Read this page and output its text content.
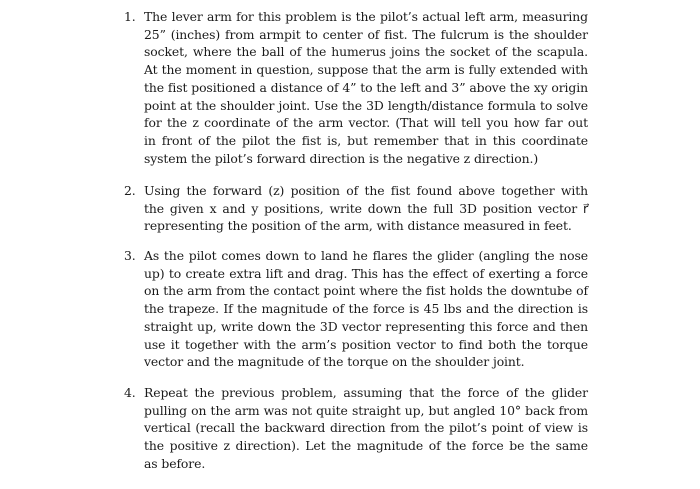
1. The lever arm for this problem is the pilot’s actual left arm, measuring
25” (inches) from armpit to center of fist. The fulcrum is the shoulder
socket, where the ball of the humerus joins the socket of the scapula.
At the moment in question, suppose that the arm is fully extended with
the fist positioned a distance of 4” to the left and 3” above the xy origin
point at the shoulder joint. Use the 3D length/distance formula to solve
for the z coordinate of the arm vector. (That will tell you how far out
in front of the pilot the fist is, but remember that in this coordinate
system the pilot’s forward direction is the negative z direction.)
2. Using the forward (z) position of the fist found above together with
the given x and y positions, write down the full 3D position vector r⃗
representing the position of the arm, with distance measured in feet.
3. As the pilot comes down to land he flares the glider (angling the nose
up) to create extra lift and drag. This has the effect of exerting a force
on the arm from the contact point where the fist holds the downtube of
the trapeze. If the magnitude of the force is 45 lbs and the direction is
straight up, write down the 3D vector representing this force and then
use it together with the arm’s position vector to find both the torque
vector and the magnitude of the torque on the shoulder joint.
4. Repeat the previous problem, assuming that the force of the glider
pulling on the arm was not quite straight up, but angled 10° back from
vertical (recall the backward direction from the pilot’s point of view is
the positive z direction). Let the magnitude of the force be the same
as before.
